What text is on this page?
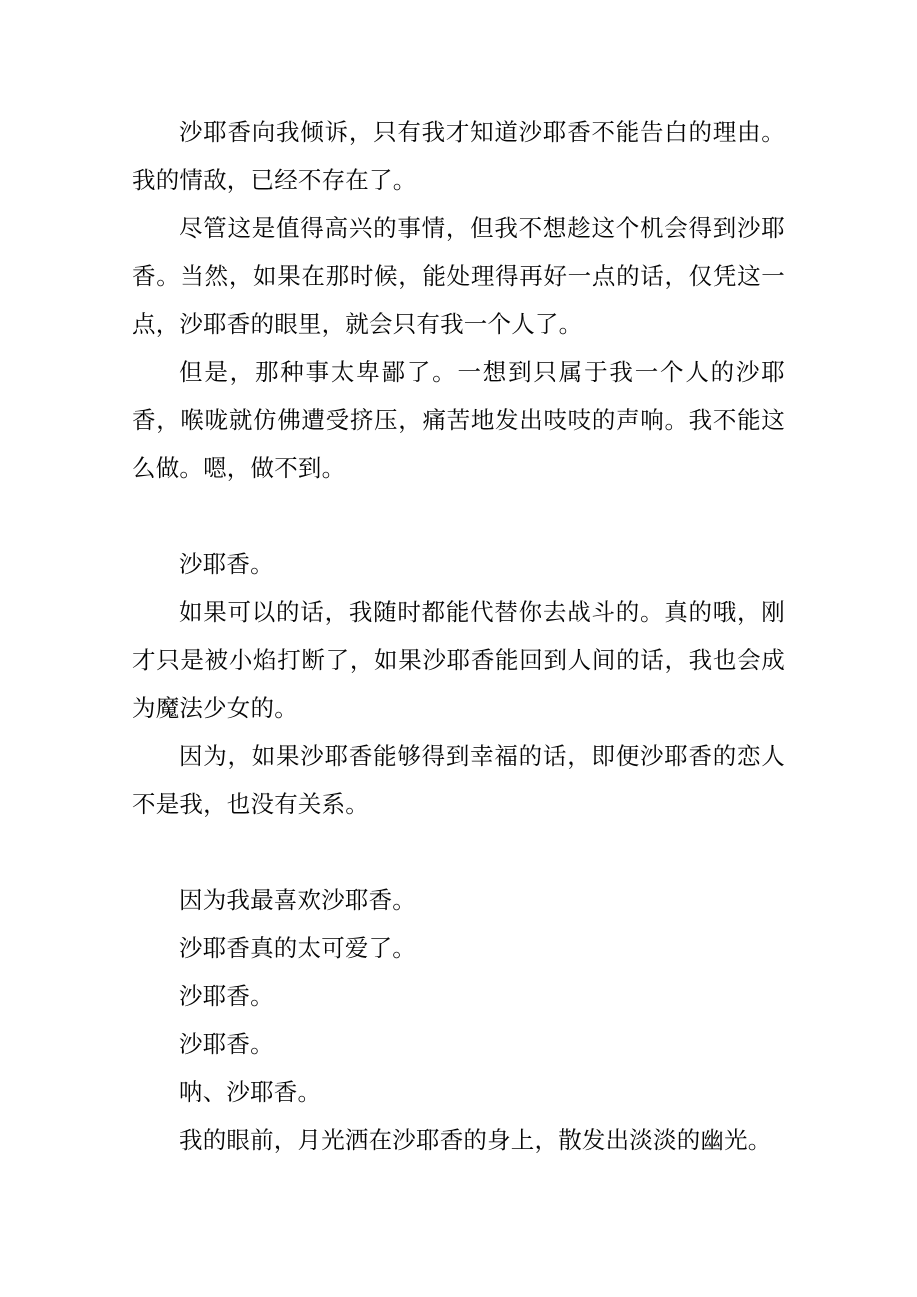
沙耶香向我倾诉，只有我才知道沙耶香不能告白的理由。我的情敌，已经不存在了。

尽管这是值得高兴的事情，但我不想趁这个机会得到沙耶香。当然，如果在那时候，能处理得再好一点的话，仅凭这一点，沙耶香的眼里，就会只有我一个人了。

但是，那种事太卑鄙了。一想到只属于我一个人的沙耶香，喉咙就仿佛遭受挤压，痛苦地发出吱吱的声响。我不能这么做。嗯，做不到。

沙耶香。

如果可以的话，我随时都能代替你去战斗的。真的哦，刚才只是被小焰打断了，如果沙耶香能回到人间的话，我也会成为魔法少女的。

因为，如果沙耶香能够得到幸福的话，即便沙耶香的恋人不是我，也没有关系。

因为我最喜欢沙耶香。

沙耶香真的太可爱了。

沙耶香。

沙耶香。

呐、沙耶香。

我的眼前，月光洒在沙耶香的身上，散发出淡淡的幽光。
